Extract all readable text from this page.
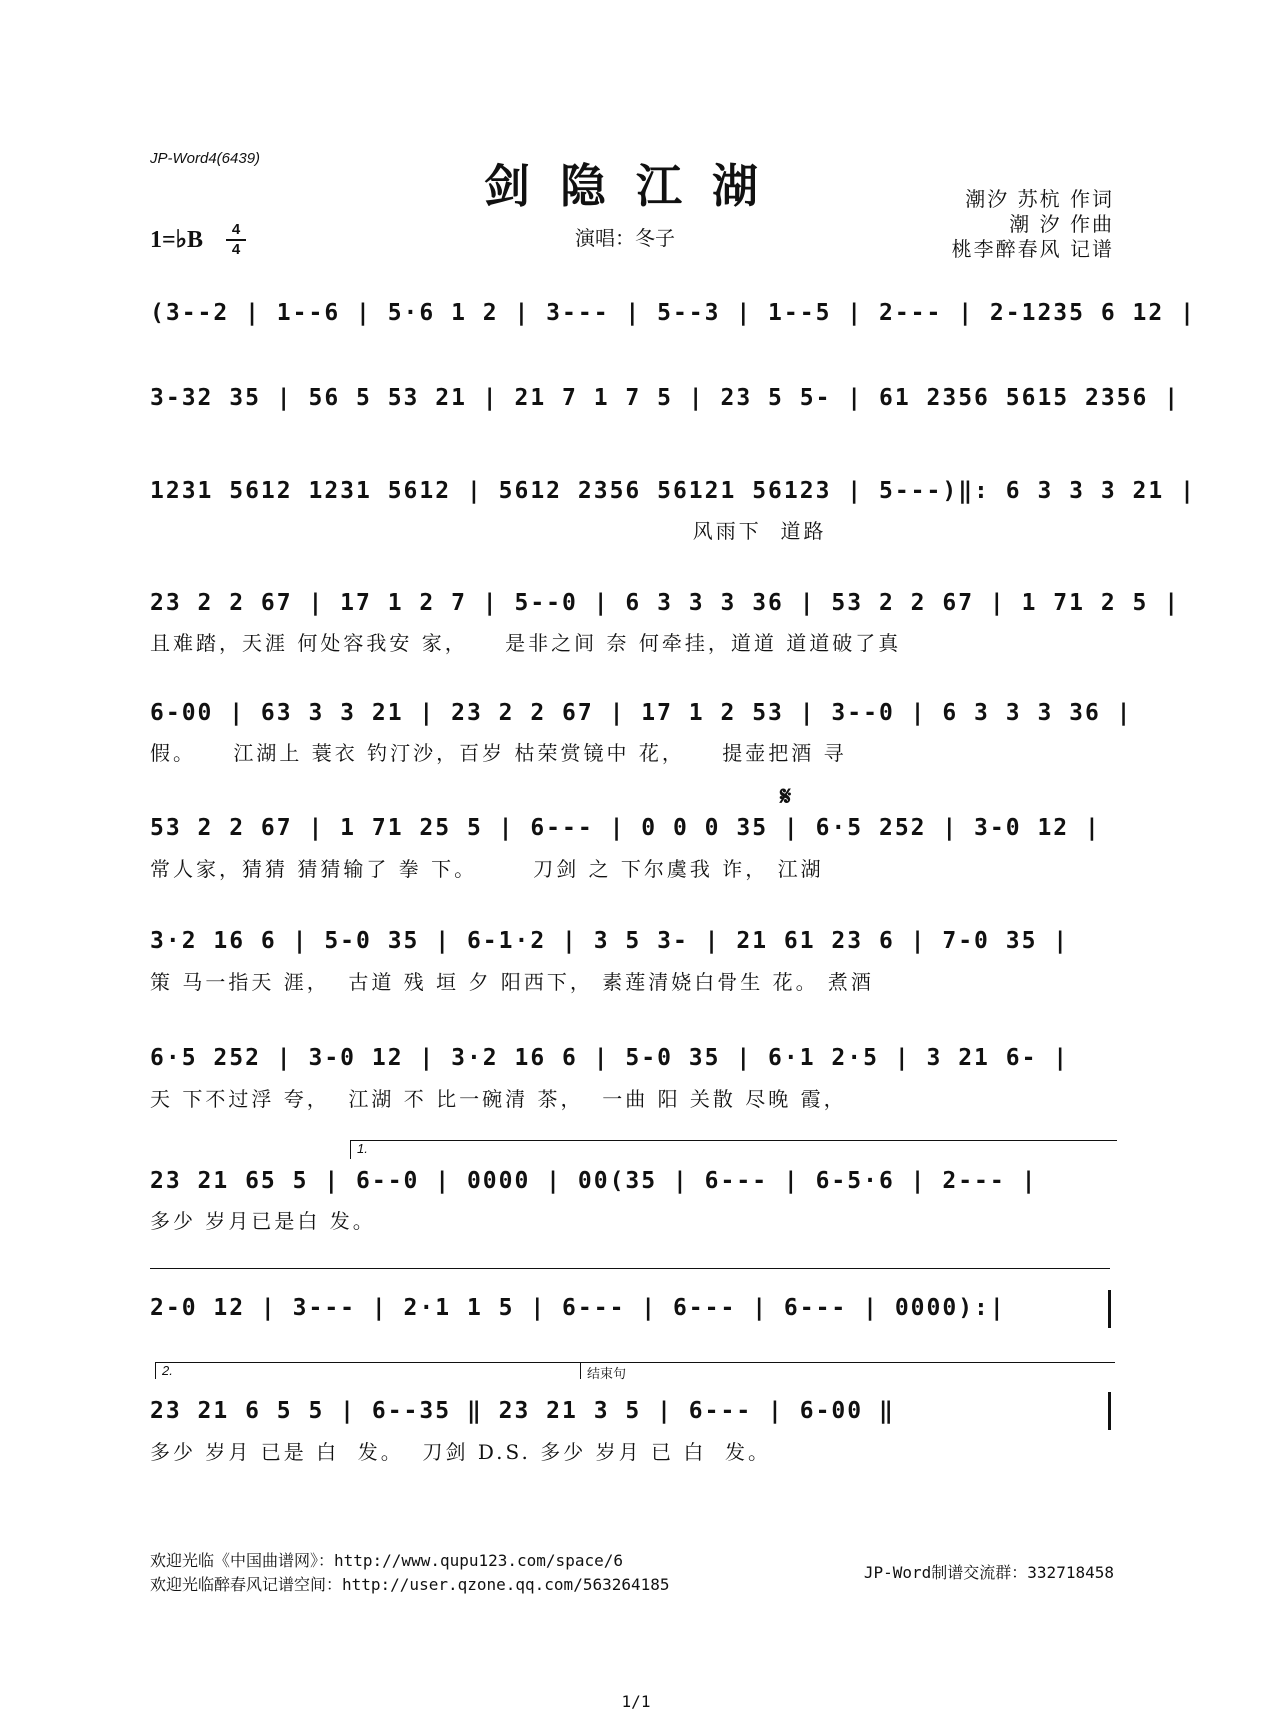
JP-Word4(6439)
剑隐江湖
1=♭B	4
4	演唱：冬子
潮汐 苏杭 作词
潮 汐 作曲
桃李醉春风 记谱
(3--2 | 1--6 | 5·6 1 2 | 3--- | 5--3 | 1--5 | 2--- | 2-1235 6 12 |
3-32 35 | 56 5 53 21 | 21 7 1 7 5 | 23 5 5- | 61 2356 5615 2356 |
1231 5612 1231 5612 | 5612 2356 56121 56123 | 5---)‖: 6 3 3 3 21 |
风雨下  道路
23 2 2 67 | 17 1 2 7 | 5--0 | 6 3 3 3 36 | 53 2 2 67 | 1 71 2 5 |
且难踏，天涯 何处容我安 家，    是非之间 奈 何牵挂，道道 道道破了真
6-00 | 63 3 3 21 | 23 2 2 67 | 17 1 2 53 | 3--0 | 6 3 3 3 36 |
假。    江湖上 蓑衣 钓汀沙，百岁 枯荣赏镜中 花，    提壶把酒 寻
𝄋
53 2 2 67 | 1 71 25 5 | 6--- | 0 0 0 35 | 6·5 252 | 3-0 12 |
常人家，猜猜 猜猜输了 拳 下。      刀剑 之 下尔虞我 诈， 江湖
3·2 16 6 | 5-0 35 | 6-1·2 | 3 5 3- | 21 61 23 6 | 7-0 35 |
策 马一指天 涯，  古道 残 垣 夕 阳西下， 素莲清娆白骨生 花。 煮酒
6·5 252 | 3-0 12 | 3·2 16 6 | 5-0 35 | 6·1 2·5 | 3 21 6- |
天 下不过浮 夸，  江湖 不 比一碗清 茶，  一曲 阳 关散 尽晚 霞，
1.
23 21 65 5 | 6--0 | 0000 | 00(35 | 6--- | 6-5·6 | 2--- |
多少 岁月已是白 发。
2-0 12 | 3--- | 2·1 1 5 | 6--- | 6--- | 6--- | 0000):|
2.	结束句
23 21 6 5 5 | 6--35 ‖ 23 21 3 5 | 6--- | 6-00 ‖
多少 岁月 已是 白  发。  刀剑 D.S. 多少 岁月 已 白  发。
欢迎光临《中国曲谱网》：http://www.qupu123.com/space/6
欢迎光临醉春风记谱空间：http://user.qzone.qq.com/563264185
JP-Word制谱交流群：332718458
1/1
